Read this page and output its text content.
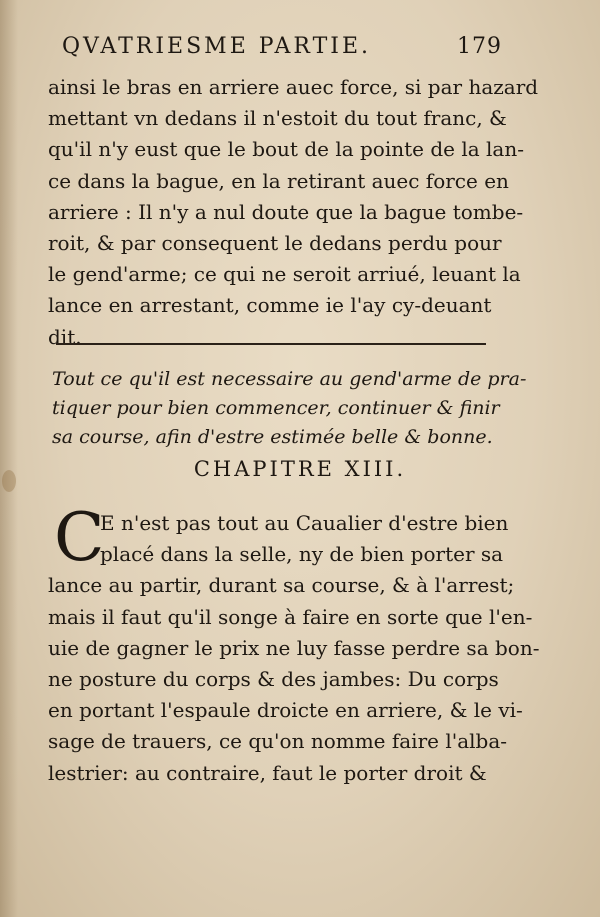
QVATRIESME PARTIE.	179
ainsi le bras en arriere auec force, si par hazard
mettant vn dedans il n'estoit du tout franc, &
qu'il n'y eust que le bout de la pointe de la lan-
ce dans la bague, en la retirant auec force en
arriere : Il n'y a nul doute que la bague tombe-
roit, & par consequent le dedans perdu pour
le gend'arme; ce qui ne seroit arriué, leuant la
lance en arrestant, comme ie l'ay cy-deuant
dit.
Tout ce qu'il est necessaire au gend'arme de pra-
tiquer pour bien commencer, continuer & finir
sa course, afin d'estre estimée belle & bonne.
CHAPITRE XIII.
C
E n'est pas tout au Caualier d'estre bien
placé dans la selle, ny de bien porter sa
lance au partir, durant sa course, & à l'arrest;
mais il faut qu'il songe à faire en sorte que l'en-
uie de gagner le prix ne luy fasse perdre sa bon-
ne posture du corps & des jambes: Du corps
en portant l'espaule droicte en arriere, & le vi-
sage de trauers, ce qu'on nomme faire l'alba-
lestrier: au contraire, faut le porter droit &
